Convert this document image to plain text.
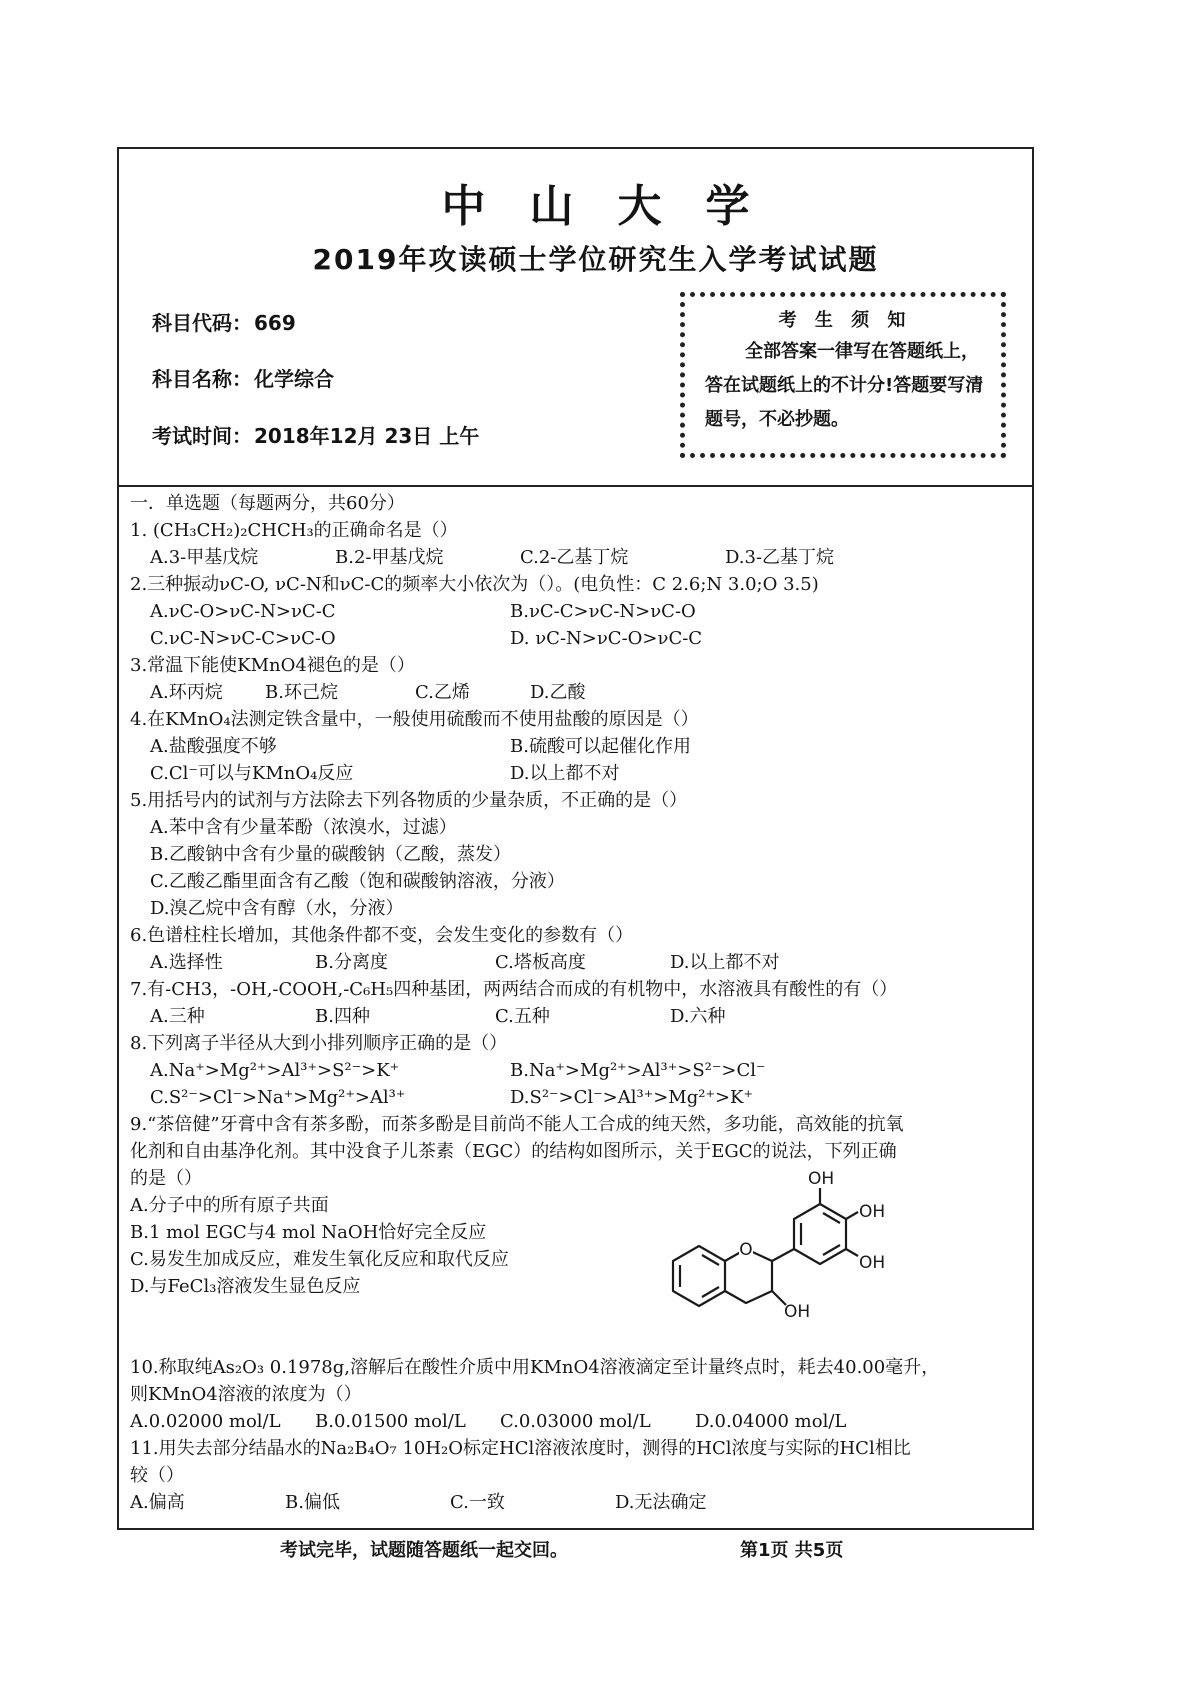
中山大学
2019年攻读硕士学位研究生入学考试试题
科目代码： 669
科目名称： 化学综合
考试时间： 2018年12月 23日 上午
考 生 须 知
全部答案一律写在答题纸上，答在试题纸上的不计分!答题要写清题号，不必抄题。
一．单选题（每题两分，共60分）
1. (CH₃CH₂)₂CHCH₃的正确命名是（）
A.3-甲基戊烷	B.2-甲基戊烷	C.2-乙基丁烷	D.3-乙基丁烷
2.三种振动νC-O, νC-N和νC-C的频率大小依次为（）。(电负性：C 2.6;N 3.0;O 3.5)
A.νC-O>νC-N>νC-C	B.νC-C>νC-N>νC-O
C.νC-N>νC-C>νC-O	D. νC-N>νC-O>νC-C
3.常温下能使KMnO4褪色的是（）
A.环丙烷 B.环己烷	C.乙烯	D.乙酸
4.在KMnO₄法测定铁含量中，一般使用硫酸而不使用盐酸的原因是（）
A.盐酸强度不够	B.硫酸可以起催化作用
C.Cl⁻可以与KMnO₄反应	D.以上都不对
5.用括号内的试剂与方法除去下列各物质的少量杂质，不正确的是（）
A.苯中含有少量苯酚（浓溴水，过滤）
B.乙酸钠中含有少量的碳酸钠（乙酸，蒸发）
C.乙酸乙酯里面含有乙酸（饱和碳酸钠溶液，分液）
D.溴乙烷中含有醇（水，分液）
6.色谱柱柱长增加，其他条件都不变，会发生变化的参数有（）
A.选择性	B.分离度	C.塔板高度	D.以上都不对
7.有-CH3，-OH,-COOH,-C₆H₅四种基团，两两结合而成的有机物中，水溶液具有酸性的有（）
A.三种	B.四种	C.五种	D.六种
8.下列离子半径从大到小排列顺序正确的是（）
A.Na⁺>Mg²⁺>Al³⁺>S²⁻>K⁺	B.Na⁺>Mg²⁺>Al³⁺>S²⁻>Cl⁻
C.S²⁻>Cl⁻>Na⁺>Mg²⁺>Al³⁺	D.S²⁻>Cl⁻>Al³⁺>Mg²⁺>K⁺
9.“茶倍健”牙膏中含有茶多酚，而茶多酚是目前尚不能人工合成的纯天然，多功能，高效能的抗氧
化剂和自由基净化剂。其中没食子儿茶素（EGC）的结构如图所示，关于EGC的说法，下列正确
的是（）
A.分子中的所有原子共面
B.1 mol EGC与4 mol NaOH恰好完全反应
C.易发生加成反应，难发生氧化反应和取代反应
D.与FeCl₃溶液发生显色反应
10.称取纯As₂O₃ 0.1978g,溶解后在酸性介质中用KMnO4溶液滴定至计量终点时，耗去40.00毫升，
则KMnO4溶液的浓度为（）
A.0.02000 mol/L B.0.01500 mol/L C.0.03000 mol/L D.0.04000 mol/L
11.用失去部分结晶水的Na₂B₄O₇ 10H₂O标定HCl溶液浓度时，测得的HCl浓度与实际的HCl相比
较（）
A.偏高	B.偏低	C.一致	D.无法确定
O
OH
OH
OH
OH
考试完毕，试题随答题纸一起交回。	第1页 共5页
